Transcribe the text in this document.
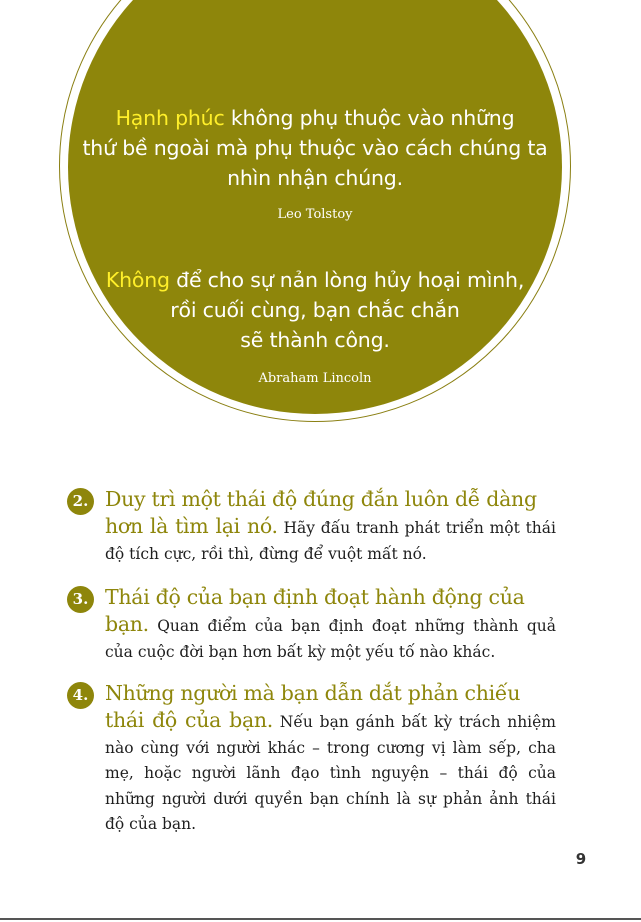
Hạnh phúc không phụ thuộc vào những
thứ bề ngoài mà phụ thuộc vào cách chúng ta
nhìn nhận chúng.

Leo Tolstoy

Không để cho sự nản lòng hủy hoại mình,
rồi cuối cùng, bạn chắc chắn
sẽ thành công.

Abraham Lincoln

2. Duy trì một thái độ đúng đắn luôn dễ dàng
hơn là tìm lại nó. Hãy đấu tranh phát triển một thái độ tích cực, rồi thì, đừng để vuột mất nó.

3. Thái độ của bạn định đoạt hành động của
bạn. Quan điểm của bạn định đoạt những thành quả của cuộc đời bạn hơn bất kỳ một yếu tố nào khác.

4. Những người mà bạn dẫn dắt phản chiếu
thái độ của bạn. Nếu bạn gánh bất kỳ trách nhiệm nào cùng với người khác – trong cương vị làm sếp, cha mẹ, hoặc người lãnh đạo tình nguyện – thái độ của những người dưới quyền bạn chính là sự phản ảnh thái độ của bạn.

9
